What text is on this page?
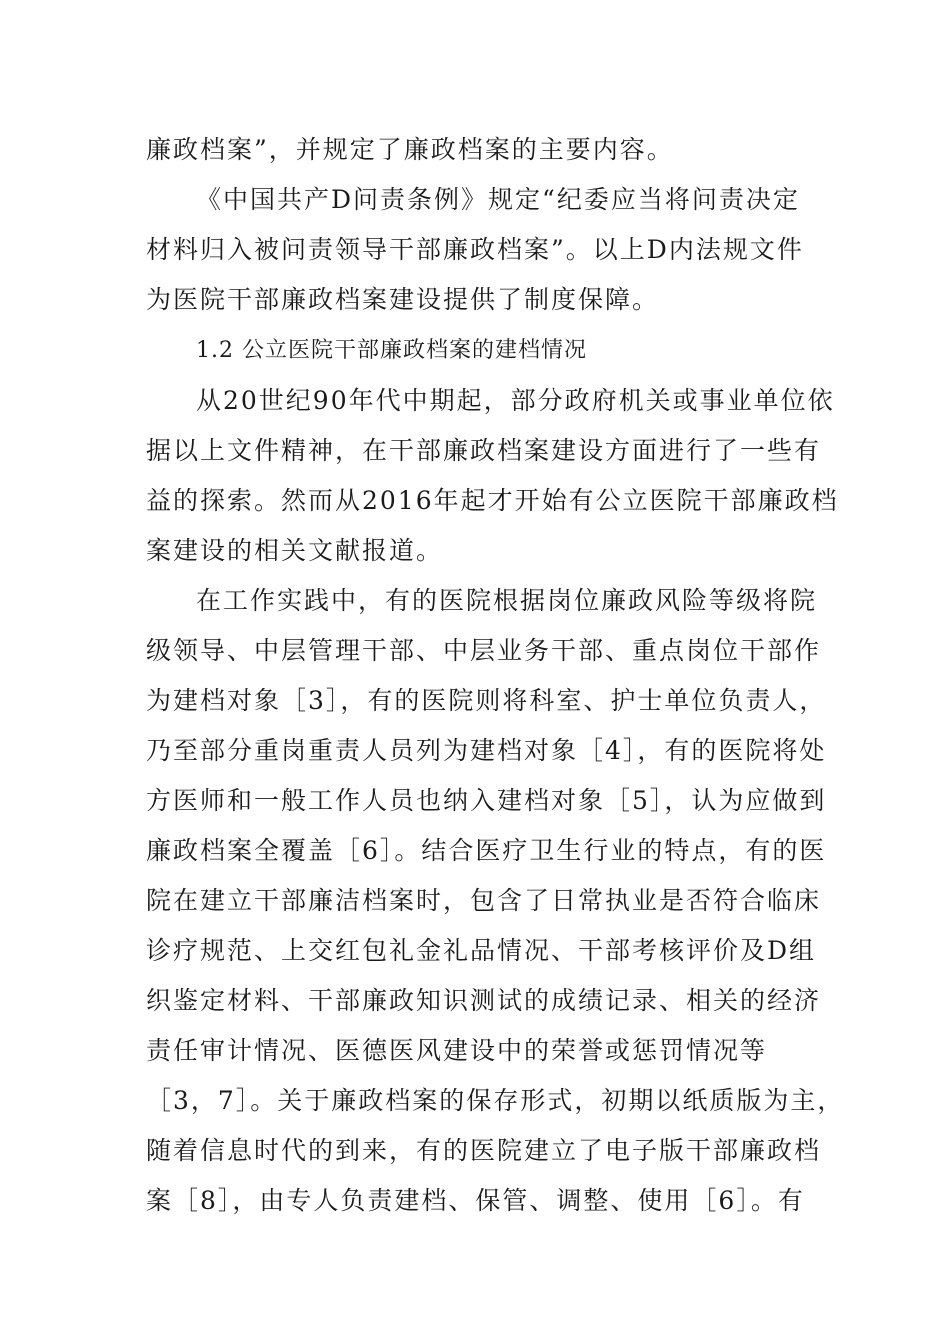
廉政档案”，并规定了廉政档案的主要内容。
《中国共产D问责条例》规定“纪委应当将问责决定
材料归入被问责领导干部廉政档案”。以上D内法规文件
为医院干部廉政档案建设提供了制度保障。
1.2 公立医院干部廉政档案的建档情况
从20世纪90年代中期起，部分政府机关或事业单位依
据以上文件精神，在干部廉政档案建设方面进行了一些有
益的探索。然而从2016年起才开始有公立医院干部廉政档
案建设的相关文献报道。
在工作实践中，有的医院根据岗位廉政风险等级将院
级领导、中层管理干部、中层业务干部、重点岗位干部作
为建档对象［3］，有的医院则将科室、护士单位负责人，
乃至部分重岗重责人员列为建档对象［4］，有的医院将处
方医师和一般工作人员也纳入建档对象［5］，认为应做到
廉政档案全覆盖［6］。结合医疗卫生行业的特点，有的医
院在建立干部廉洁档案时，包含了日常执业是否符合临床
诊疗规范、上交红包礼金礼品情况、干部考核评价及D组
织鉴定材料、干部廉政知识测试的成绩记录、相关的经济
责任审计情况、医德医风建设中的荣誉或惩罚情况等
［3，7］。关于廉政档案的保存形式，初期以纸质版为主，
随着信息时代的到来，有的医院建立了电子版干部廉政档
案［8］，由专人负责建档、保管、调整、使用［6］。有
